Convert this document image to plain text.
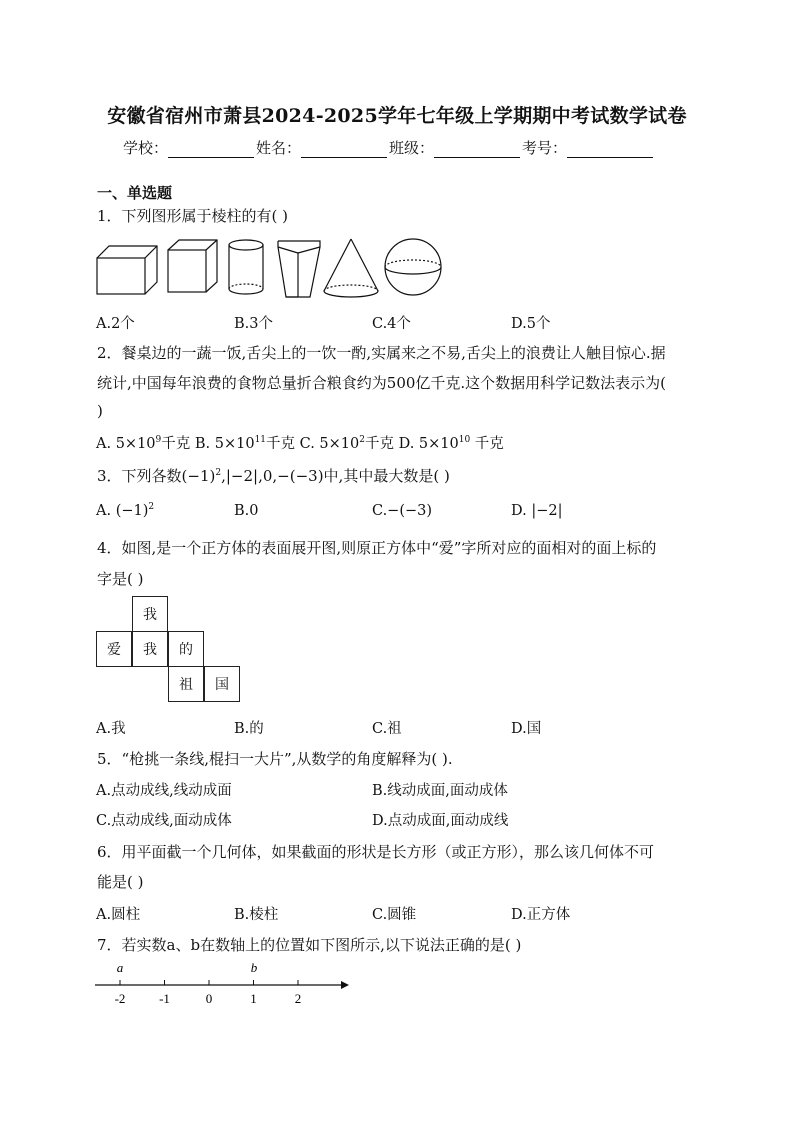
安徽省宿州市萧县2024-2025学年七年级上学期期中考试数学试卷
学校：	姓名：	班级：	考号：
一、单选题
1．下列图形属于棱柱的有( )
A.2个	B.3个	C.4个	D.5个
2．餐桌边的一蔬一饭,舌尖上的一饮一酌,实属来之不易,舌尖上的浪费让人触目惊心.据
统计,中国每年浪费的食物总量折合粮食约为500亿千克.这个数据用科学记数法表示为(
)
A. $5\times 10^9$千克 B. $5\times 10^{11}$千克 C. $5\times 10^2$千克 D. $5\times 10^{10}$ 千克
3．下列各数$(-1)^2,|-2|,0,-(-3)$中,其中最大数是( )
A. $(-1)^2$	B.0	C.−(−3)	D. |−2|
4．如图,是一个正方体的表面展开图,则原正方体中“爱”字所对应的面相对的面上标的
字是( )
我
爱	我	的
祖	国
A.我	B.的	C.祖	D.国
5．“枪挑一条线,棍扫一大片”,从数学的角度解释为( ).
A.点动成线,线动成面	B.线动成面,面动成体
C.点动成线,面动成体	D.点动成面,面动成线
6．用平面截一个几何体，如果截面的形状是长方形（或正方形），那么该几何体不可
能是( )
A.圆柱	B.棱柱	C.圆锥	D.正方体
7．若实数a、b在数轴上的位置如下图所示,以下说法正确的是( )
-2	-1	0	1	2
a	b
